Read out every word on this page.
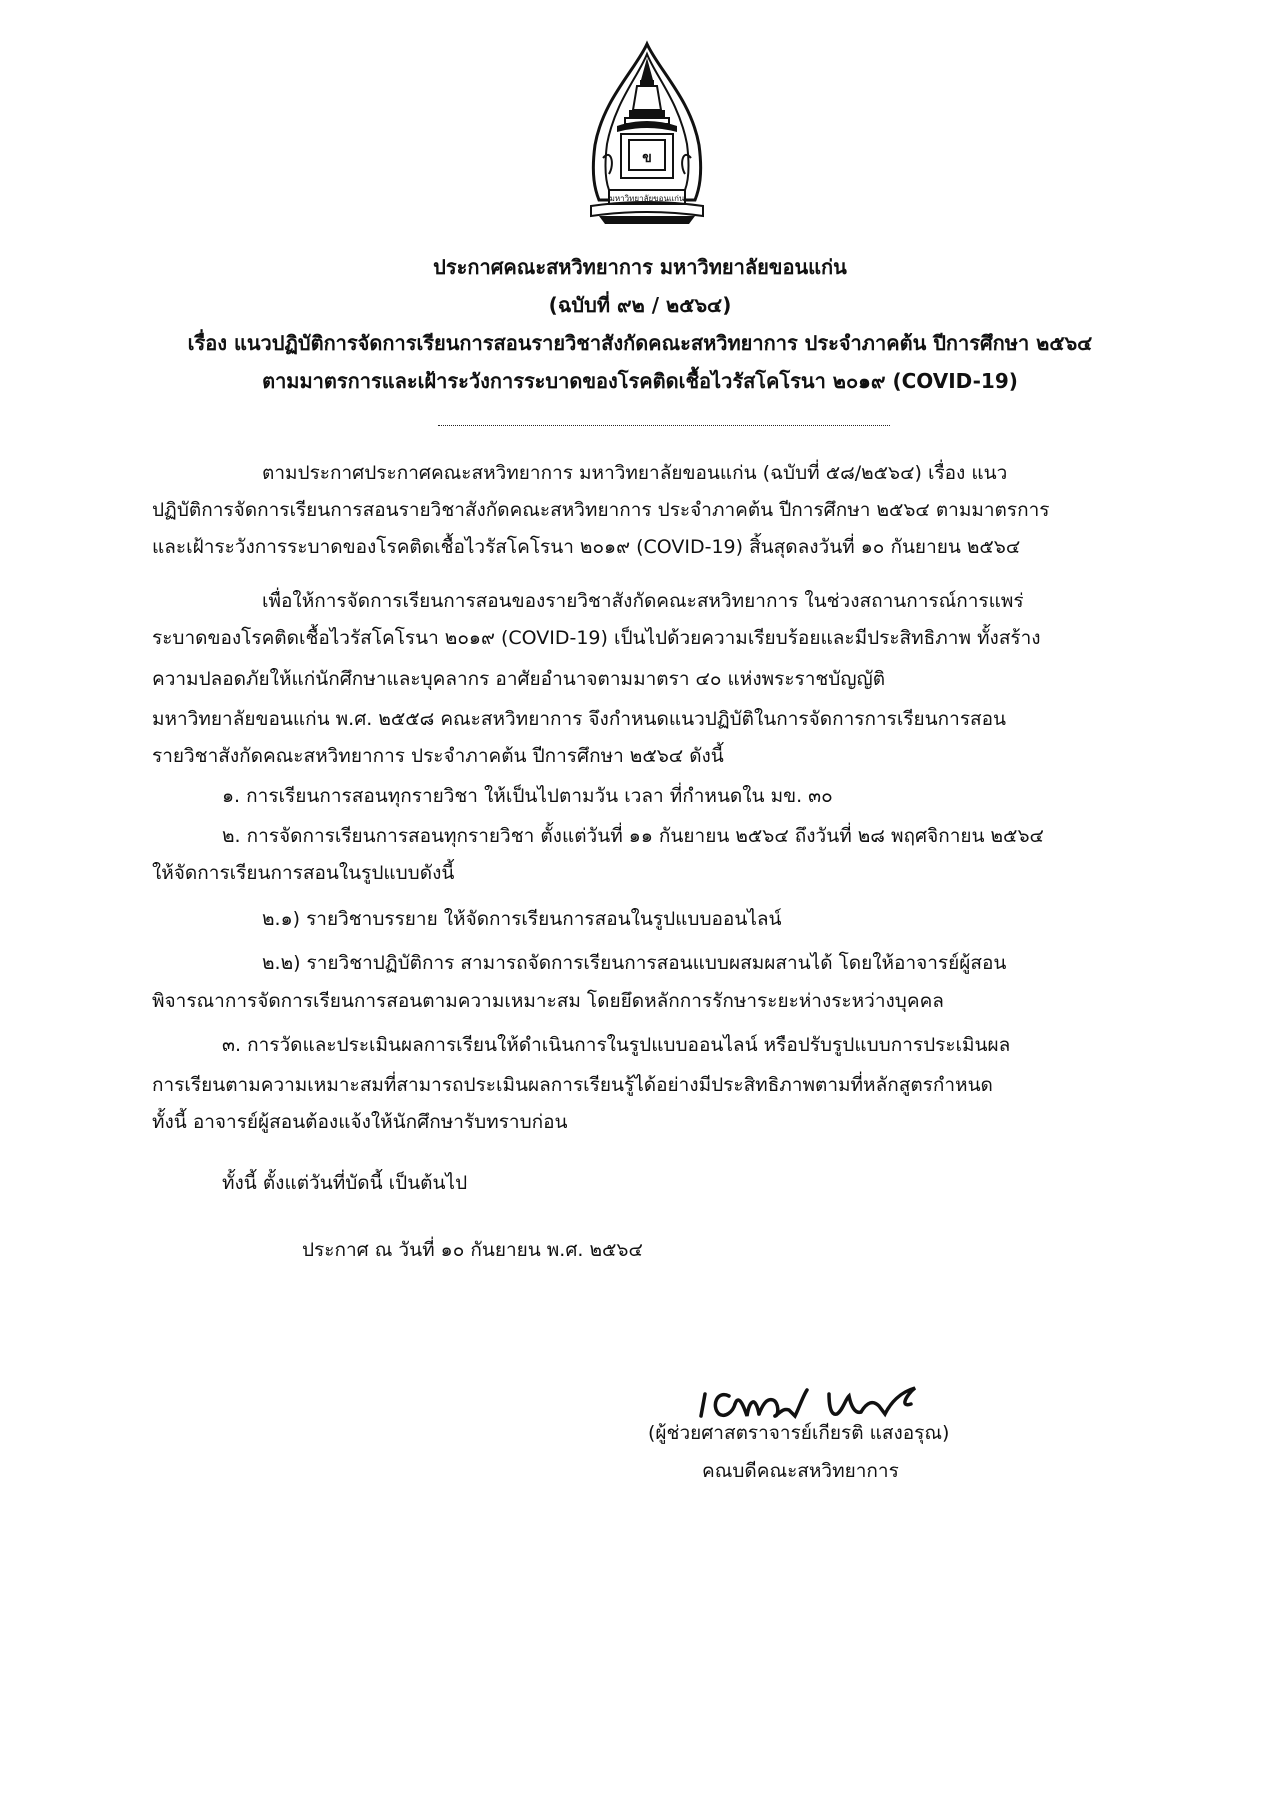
ข
มหาวิทยาลัยขอนแก่น
ประกาศคณะสหวิทยาการ มหาวิทยาลัยขอนแก่น
(ฉบับที่ ๙๒ / ๒๕๖๔)
เรื่อง แนวปฏิบัติการจัดการเรียนการสอนรายวิชาสังกัดคณะสหวิทยาการ ประจำภาคต้น ปีการศึกษา ๒๕๖๔
ตามมาตรการและเฝ้าระวังการระบาดของโรคติดเชื้อไวรัสโคโรนา ๒๐๑๙ (COVID-19)
ตามประกาศประกาศคณะสหวิทยาการ มหาวิทยาลัยขอนแก่น (ฉบับที่ ๕๘/๒๕๖๔) เรื่อง แนว
ปฏิบัติการจัดการเรียนการสอนรายวิชาสังกัดคณะสหวิทยาการ ประจำภาคต้น ปีการศึกษา ๒๕๖๔ ตามมาตรการ
และเฝ้าระวังการระบาดของโรคติดเชื้อไวรัสโคโรนา ๒๐๑๙ (COVID-19) สิ้นสุดลงวันที่ ๑๐ กันยายน ๒๕๖๔
เพื่อให้การจัดการเรียนการสอนของรายวิชาสังกัดคณะสหวิทยาการ ในช่วงสถานการณ์การแพร่
ระบาดของโรคติดเชื้อไวรัสโคโรนา ๒๐๑๙ (COVID-19) เป็นไปด้วยความเรียบร้อยและมีประสิทธิภาพ ทั้งสร้าง
ความปลอดภัยให้แก่นักศึกษาและบุคลากร อาศัยอำนาจตามมาตรา ๔๐ แห่งพระราชบัญญัติ
มหาวิทยาลัยขอนแก่น พ.ศ. ๒๕๕๘ คณะสหวิทยาการ จึงกำหนดแนวปฏิบัติในการจัดการการเรียนการสอน
รายวิชาสังกัดคณะสหวิทยาการ ประจำภาคต้น ปีการศึกษา ๒๕๖๔ ดังนี้
๑. การเรียนการสอนทุกรายวิชา ให้เป็นไปตามวัน เวลา ที่กำหนดใน มข. ๓๐
๒. การจัดการเรียนการสอนทุกรายวิชา ตั้งแต่วันที่ ๑๑ กันยายน ๒๕๖๔ ถึงวันที่ ๒๘ พฤศจิกายน ๒๕๖๔
ให้จัดการเรียนการสอนในรูปแบบดังนี้
๒.๑) รายวิชาบรรยาย ให้จัดการเรียนการสอนในรูปแบบออนไลน์
๒.๒) รายวิชาปฏิบัติการ สามารถจัดการเรียนการสอนแบบผสมผสานได้ โดยให้อาจารย์ผู้สอน
พิจารณาการจัดการเรียนการสอนตามความเหมาะสม โดยยึดหลักการรักษาระยะห่างระหว่างบุคคล
๓. การวัดและประเมินผลการเรียนให้ดำเนินการในรูปแบบออนไลน์ หรือปรับรูปแบบการประเมินผล
การเรียนตามความเหมาะสมที่สามารถประเมินผลการเรียนรู้ได้อย่างมีประสิทธิภาพตามที่หลักสูตรกำหนด
ทั้งนี้ อาจารย์ผู้สอนต้องแจ้งให้นักศึกษารับทราบก่อน
ทั้งนี้ ตั้งแต่วันที่บัดนี้ เป็นต้นไป
ประกาศ ณ วันที่ ๑๐ กันยายน พ.ศ. ๒๕๖๔
(ผู้ช่วยศาสตราจารย์เกียรติ แสงอรุณ)
คณบดีคณะสหวิทยาการ
